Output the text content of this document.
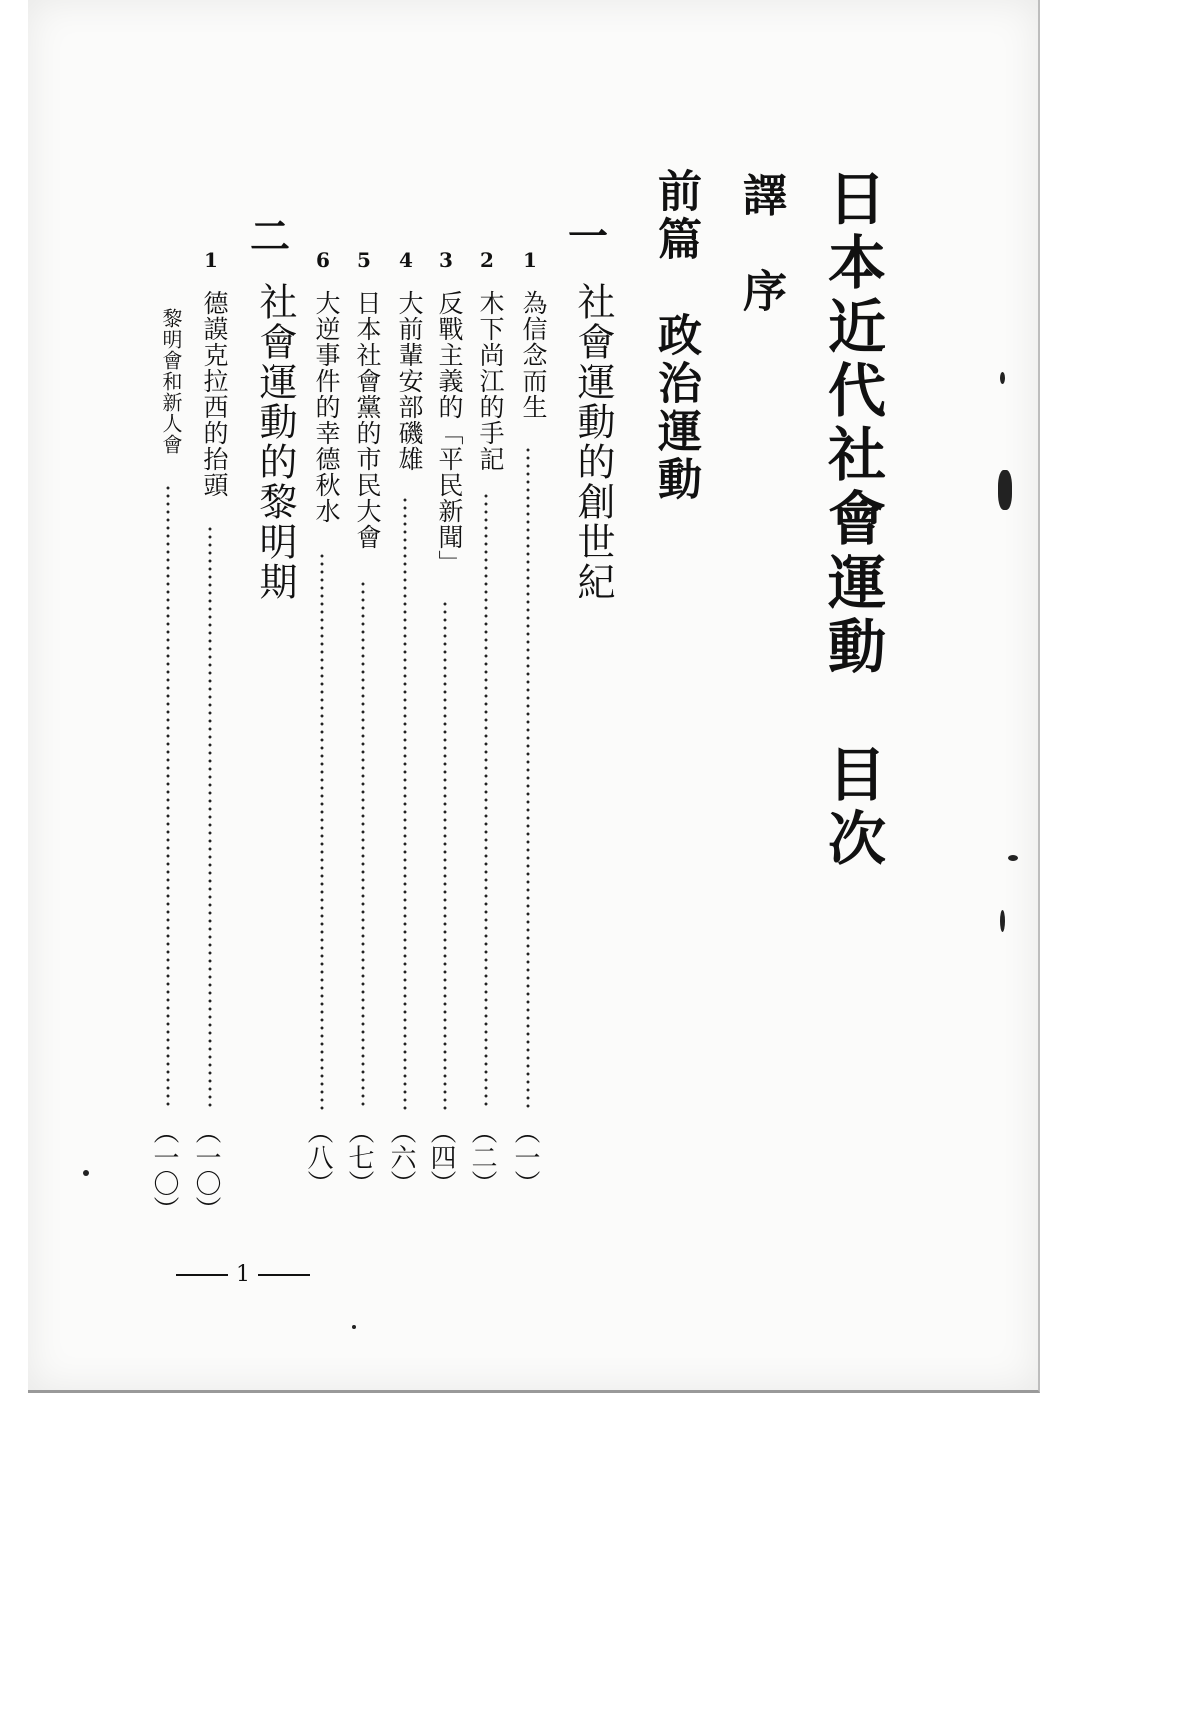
日本近代社會運動　目次
譯　序
前篇　政治運動
一
社會運動的創世紀
1
為信念而生
（一）
2
木下尚江的手記
（二）
3
反戰主義的「平民新聞」
（四）
4
大前輩安部磯雄
（六）
5
日本社會黨的市民大會
（七）
6
大逆事件的幸德秋水
（八）
二
社會運動的黎明期
1
德謨克拉西的抬頭
（一〇）
黎明會和新人會
（一〇）
1
